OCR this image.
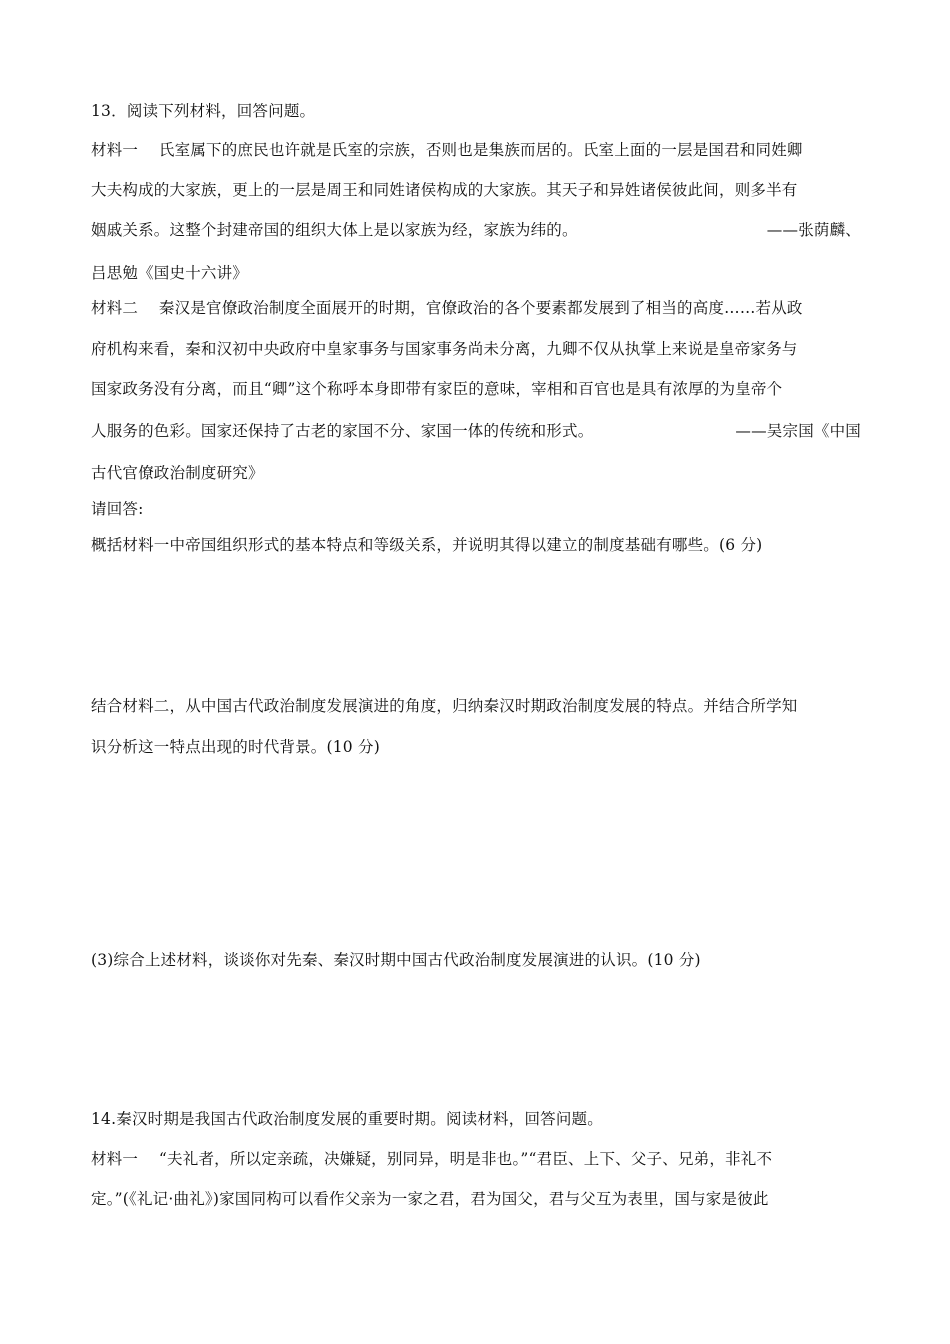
13．阅读下列材料，回答问题。
材料一　 氏室属下的庶民也许就是氏室的宗族，否则也是集族而居的。氏室上面的一层是国君和同姓卿
大夫构成的大家族，更上的一层是周王和同姓诸侯构成的大家族。其天子和异姓诸侯彼此间，则多半有
姻戚关系。这整个封建帝国的组织大体上是以家族为经，家族为纬的。	——张荫麟、
吕思勉《国史十六讲》
材料二　 秦汉是官僚政治制度全面展开的时期，官僚政治的各个要素都发展到了相当的高度……若从政
府机构来看，秦和汉初中央政府中皇家事务与国家事务尚未分离，九卿不仅从执掌上来说是皇帝家务与
国家政务没有分离，而且“卿”这个称呼本身即带有家臣的意味，宰相和百官也是具有浓厚的为皇帝个
人服务的色彩。国家还保持了古老的家国不分、家国一体的传统和形式。	——吴宗国《中国
古代官僚政治制度研究》
请回答:
概括材料一中帝国组织形式的基本特点和等级关系，并说明其得以建立的制度基础有哪些。(6 分)
结合材料二，从中国古代政治制度发展演进的角度，归纳秦汉时期政治制度发展的特点。并结合所学知
识分析这一特点出现的时代背景。(10 分)
(3)综合上述材料，谈谈你对先秦、秦汉时期中国古代政治制度发展演进的认识。(10 分)
14.秦汉时期是我国古代政治制度发展的重要时期。阅读材料，回答问题。
材料一　 “夫礼者，所以定亲疏，决嫌疑，别同异，明是非也。”“君臣、上下、父子、兄弟，非礼不
定。”(《礼记·曲礼》)家国同构可以看作父亲为一家之君，君为国父，君与父互为表里，国与家是彼此
